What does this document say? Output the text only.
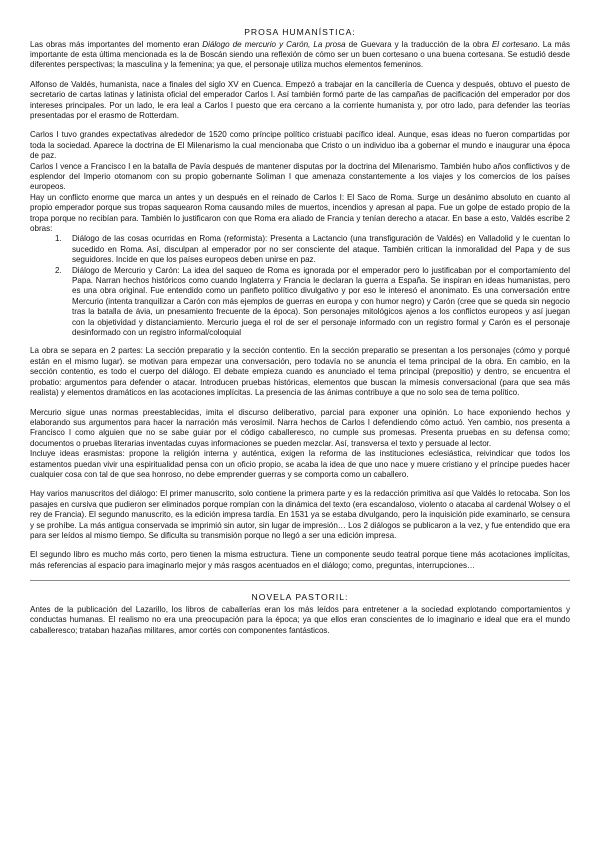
PROSA HUMANÍSTICA:

Las obras más importantes del momento eran Diálogo de mercurio y Carón, La prosa de Guevara y la traducción de la obra El cortesano. La más importante de esta última mencionada es la de Boscán siendo una reflexión de cómo ser un buen cortesano o una buena cortesana. Se estudió desde diferentes perspectivas; la masculina y la femenina; ya que, el personaje utiliza muchos elementos femeninos.

Alfonso de Valdés, humanista, nace a finales del siglo XV en Cuenca. Empezó a trabajar en la cancillería de Cuenca y después, obtuvo el puesto de secretario de cartas latinas y latinista oficial del emperador Carlos I. Así también formó parte de las campañas de pacificación del emperador por dos intereses principales. Por un lado, le era leal a Carlos I puesto que era cercano a la corriente humanista y, por otro lado, para defender las teorías presentadas por el erasmo de Rotterdam.

Carlos I tuvo grandes expectativas alrededor de 1520 como príncipe político cristuabi pacífico ideal. Aunque, esas ideas no fueron compartidas por toda la sociedad. Aparece la doctrina de El Milenarismo la cual mencionaba que Cristo o un individuo iba a gobernar el mundo e inaugurar una época de paz.

Carlos I vence a Francisco I en la batalla de Pavía después de mantener disputas por la doctrina del Milenarismo. También hubo años conflictivos y de esplendor del Imperio otomanom con su propio gobernante Soliman I que amenaza constantemente a los viajes y los comercios de los países europeos.

Hay un conflicto enorme que marca un antes y un después en el reinado de Carlos I: El Saco de Roma. Surge un desánimo absoluto en cuanto al propio emperador porque sus tropas saquearon Roma causando miles de muertos, incendios y apresan al papa. Fue un golpe de estado propio de la tropa porque no recibían para. También lo justificaron con que Roma era aliado de Francia y tenían derecho a atacar. En base a esto, Valdés escribe 2 obras:

1. Diálogo de las cosas ocurridas en Roma (reformista): Presenta a Lactancio (una transfiguración de Valdés) en Valladolid y le cuentan lo sucedido en Roma. Así, disculpan al emperador por no ser consciente del ataque. También critican la inmoralidad del Papa y de sus seguidores. Incide en que los países europeos deben unirse en paz.
2. Diálogo de Mercurio y Carón: La idea del saqueo de Roma es ignorada por el emperador pero lo justificaban por el comportamiento del Papa. Narran hechos históricos como cuando Inglaterra y Francia le declaran la guerra a España. Se inspiran en ideas humanistas, pero es una obra original. Fue entendido como un panfleto político divulgativo y por eso le interesó el anonimato. Es una conversación entre Mercurio (intenta tranquilizar a Carón con más ejemplos de guerras en europa y con humor negro) y Carón (cree que se queda sin negocio tras la batalla de ávia, un pnesamiento frecuente de la época). Son personajes mitológicos ajenos a los conflictos europeos y así juegan con la objetividad y distanciamiento. Mercurio juega el rol de ser el personaje informado con un registro formal y Carón es el personaje desinformado con un registro informal/coloquial

La obra se separa en 2 partes: La sección preparatio y la sección contentio. En la sección preparatio se presentan a los personajes (cómo y porqué están en el mismo lugar). se motivan para empezar una conversación, pero todavía no se anuncia el tema principal de la obra. En cambio, en la sección contentio, es todo el cuerpo del diálogo. El debate empieza cuando es anunciado el tema principal (prepositio) y dentro, se encuentra el probatio: argumentos para defender o atacar. Introducen pruebas históricas, elementos que buscan la mímesis conversacional (para que sea más realista) y elementos dramáticos en las acotaciones implícitas. La presencia de las ánimas contribuye a que no solo sea de tema político.

Mercurio sigue unas normas preestablecidas, imita el discurso deliberativo, parcial para exponer una opinión. Lo hace exponiendo hechos y elaborando sus argumentos para hacer la narración más verosímil. Narra hechos de Carlos I defendiendo cómo actuó. Yen cambio, nos presenta a Francisco I como alguien que no se sabe guiar por el código caballeresco, no cumple sus promesas. Presenta pruebas en su defensa como; documentos o pruebas literarias inventadas cuyas informaciones se pueden mezclar. Así, transversa el texto y persuade al lector.

Incluye ideas erasmistas: propone la religión interna y auténtica, exigen la reforma de las instituciones eclesiástica, reivindicar que todos los estamentos puedan vivir una espiritualidad pensa con un oficio propio, se acaba la idea de que uno nace y muere cristiano y el príncipe puedes hacer cualquier cosa con tal de que sea honroso, no debe emprender guerras y se comporta como un caballero.

Hay varios manuscritos del diálogo: El primer manuscrito, solo contiene la primera parte y es la redacción primitiva así que Valdés lo retocaba. Son los pasajes en cursiva que pudieron ser eliminados porque rompían con la dinámica del texto (era escandaloso, violento o atacaba al cardenal Wolsey o el rey de Francia). El segundo manuscrito, es la edición impresa tardía. En 1531 ya se estaba divulgando, pero la inquisición pide examinarlo, se censura y se prohíbe. La más antigua conservada se imprimió sin autor, sin lugar de impresión… Los 2 diálogos se publicaron a la vez, y fue entendido que era para ser leídos al mismo tiempo. Se dificulta su transmisión porque no llegó a ser una edición impresa.

El segundo libro es mucho más corto, pero tienen la misma estructura. Tiene un componente seudo teatral porque tiene más acotaciones implícitas, más referencias al espacio para imaginarlo mejor y más rasgos acentuados en el diálogo; como, preguntas, interrupciones…

NOVELA PASTORIL:

Antes de la publicación del Lazarillo, los libros de caballerías eran los más leídos para entretener a la sociedad explotando comportamientos y conductas humanas. El realismo no era una preocupación para la época; ya que ellos eran conscientes de lo imaginario e ideal que era el mundo caballeresco; trataban hazañas militares, amor cortés con componentes fantásticos.
